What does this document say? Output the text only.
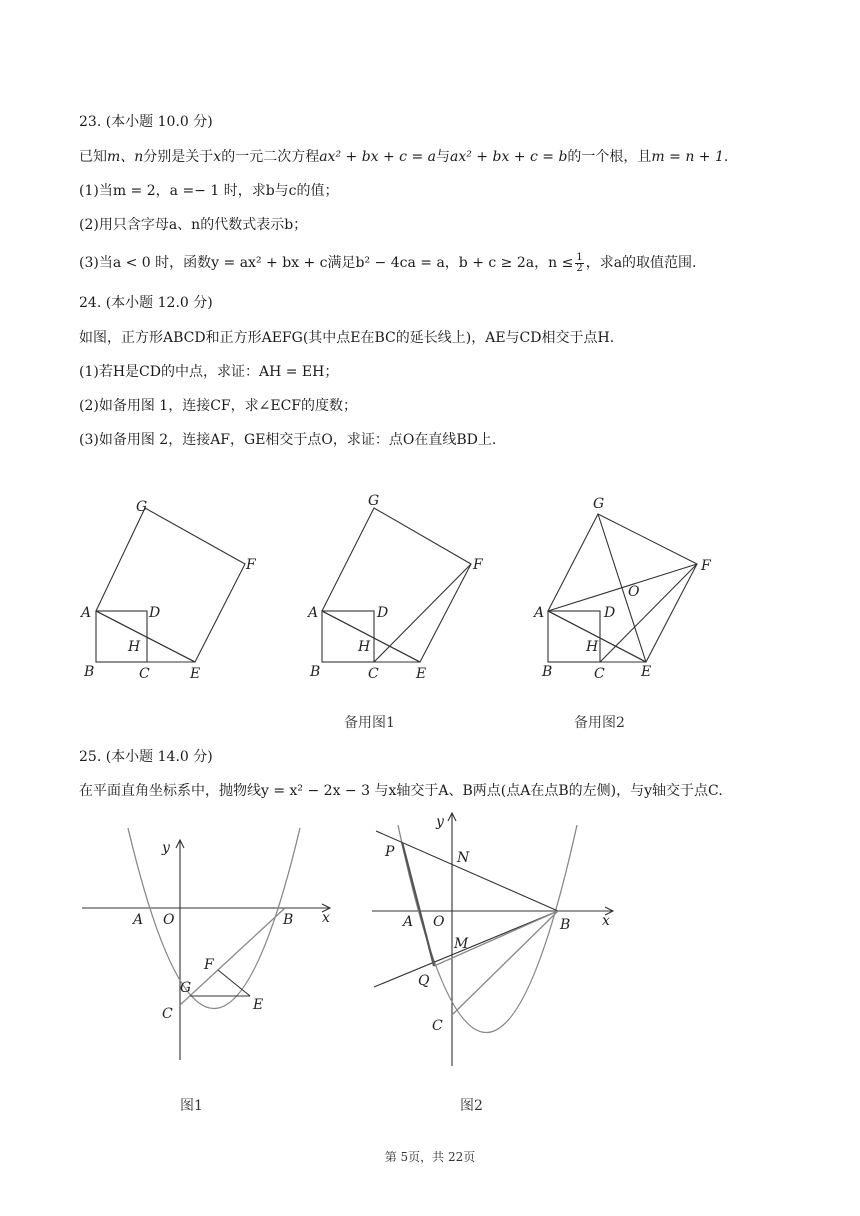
23. (本小题 10.0 分)
已知m、n分别是关于x的一元二次方程ax² + bx + c = a与ax² + bx + c = b的一个根，且m = n + 1.
(1)当m = 2，a =− 1 时，求b与c的值；
(2)用只含字母a、n的代数式表示b；
(3)当a < 0 时，函数y = ax² + bx + c满足b² − 4ca = a，b + c ≥ 2a，$n \le \frac{1}{2}$ ，求a的取值范围.
24. (本小题 12.0 分)
如图，正方形ABCD和正方形AEFG(其中点E在BC的延长线上)，AE与CD相交于点H.
(1)若H是CD的中点，求证：AH = EH；
(2)如备用图 1，连接CF，求∠ECF的度数；
(3)如备用图 2，连接AF，GE相交于点O，求证：点O在直线BD上.
A
B	C
D
E
F
G
H
A
B	C
D
E
F
G
H
A
B	C
D
E
F
G
H
O
备用图1	备用图2
25. (本小题 14.0 分)
在平面直角坐标系中，抛物线y = x² − 2x − 3 与x轴交于A、B两点(点A在点B的左侧)，与y轴交于点C.
y
x
A O	B
F
G
C
E
y
x
P	N
A O	B
M
Q
C
图1	图2
第 5页，共 22页
